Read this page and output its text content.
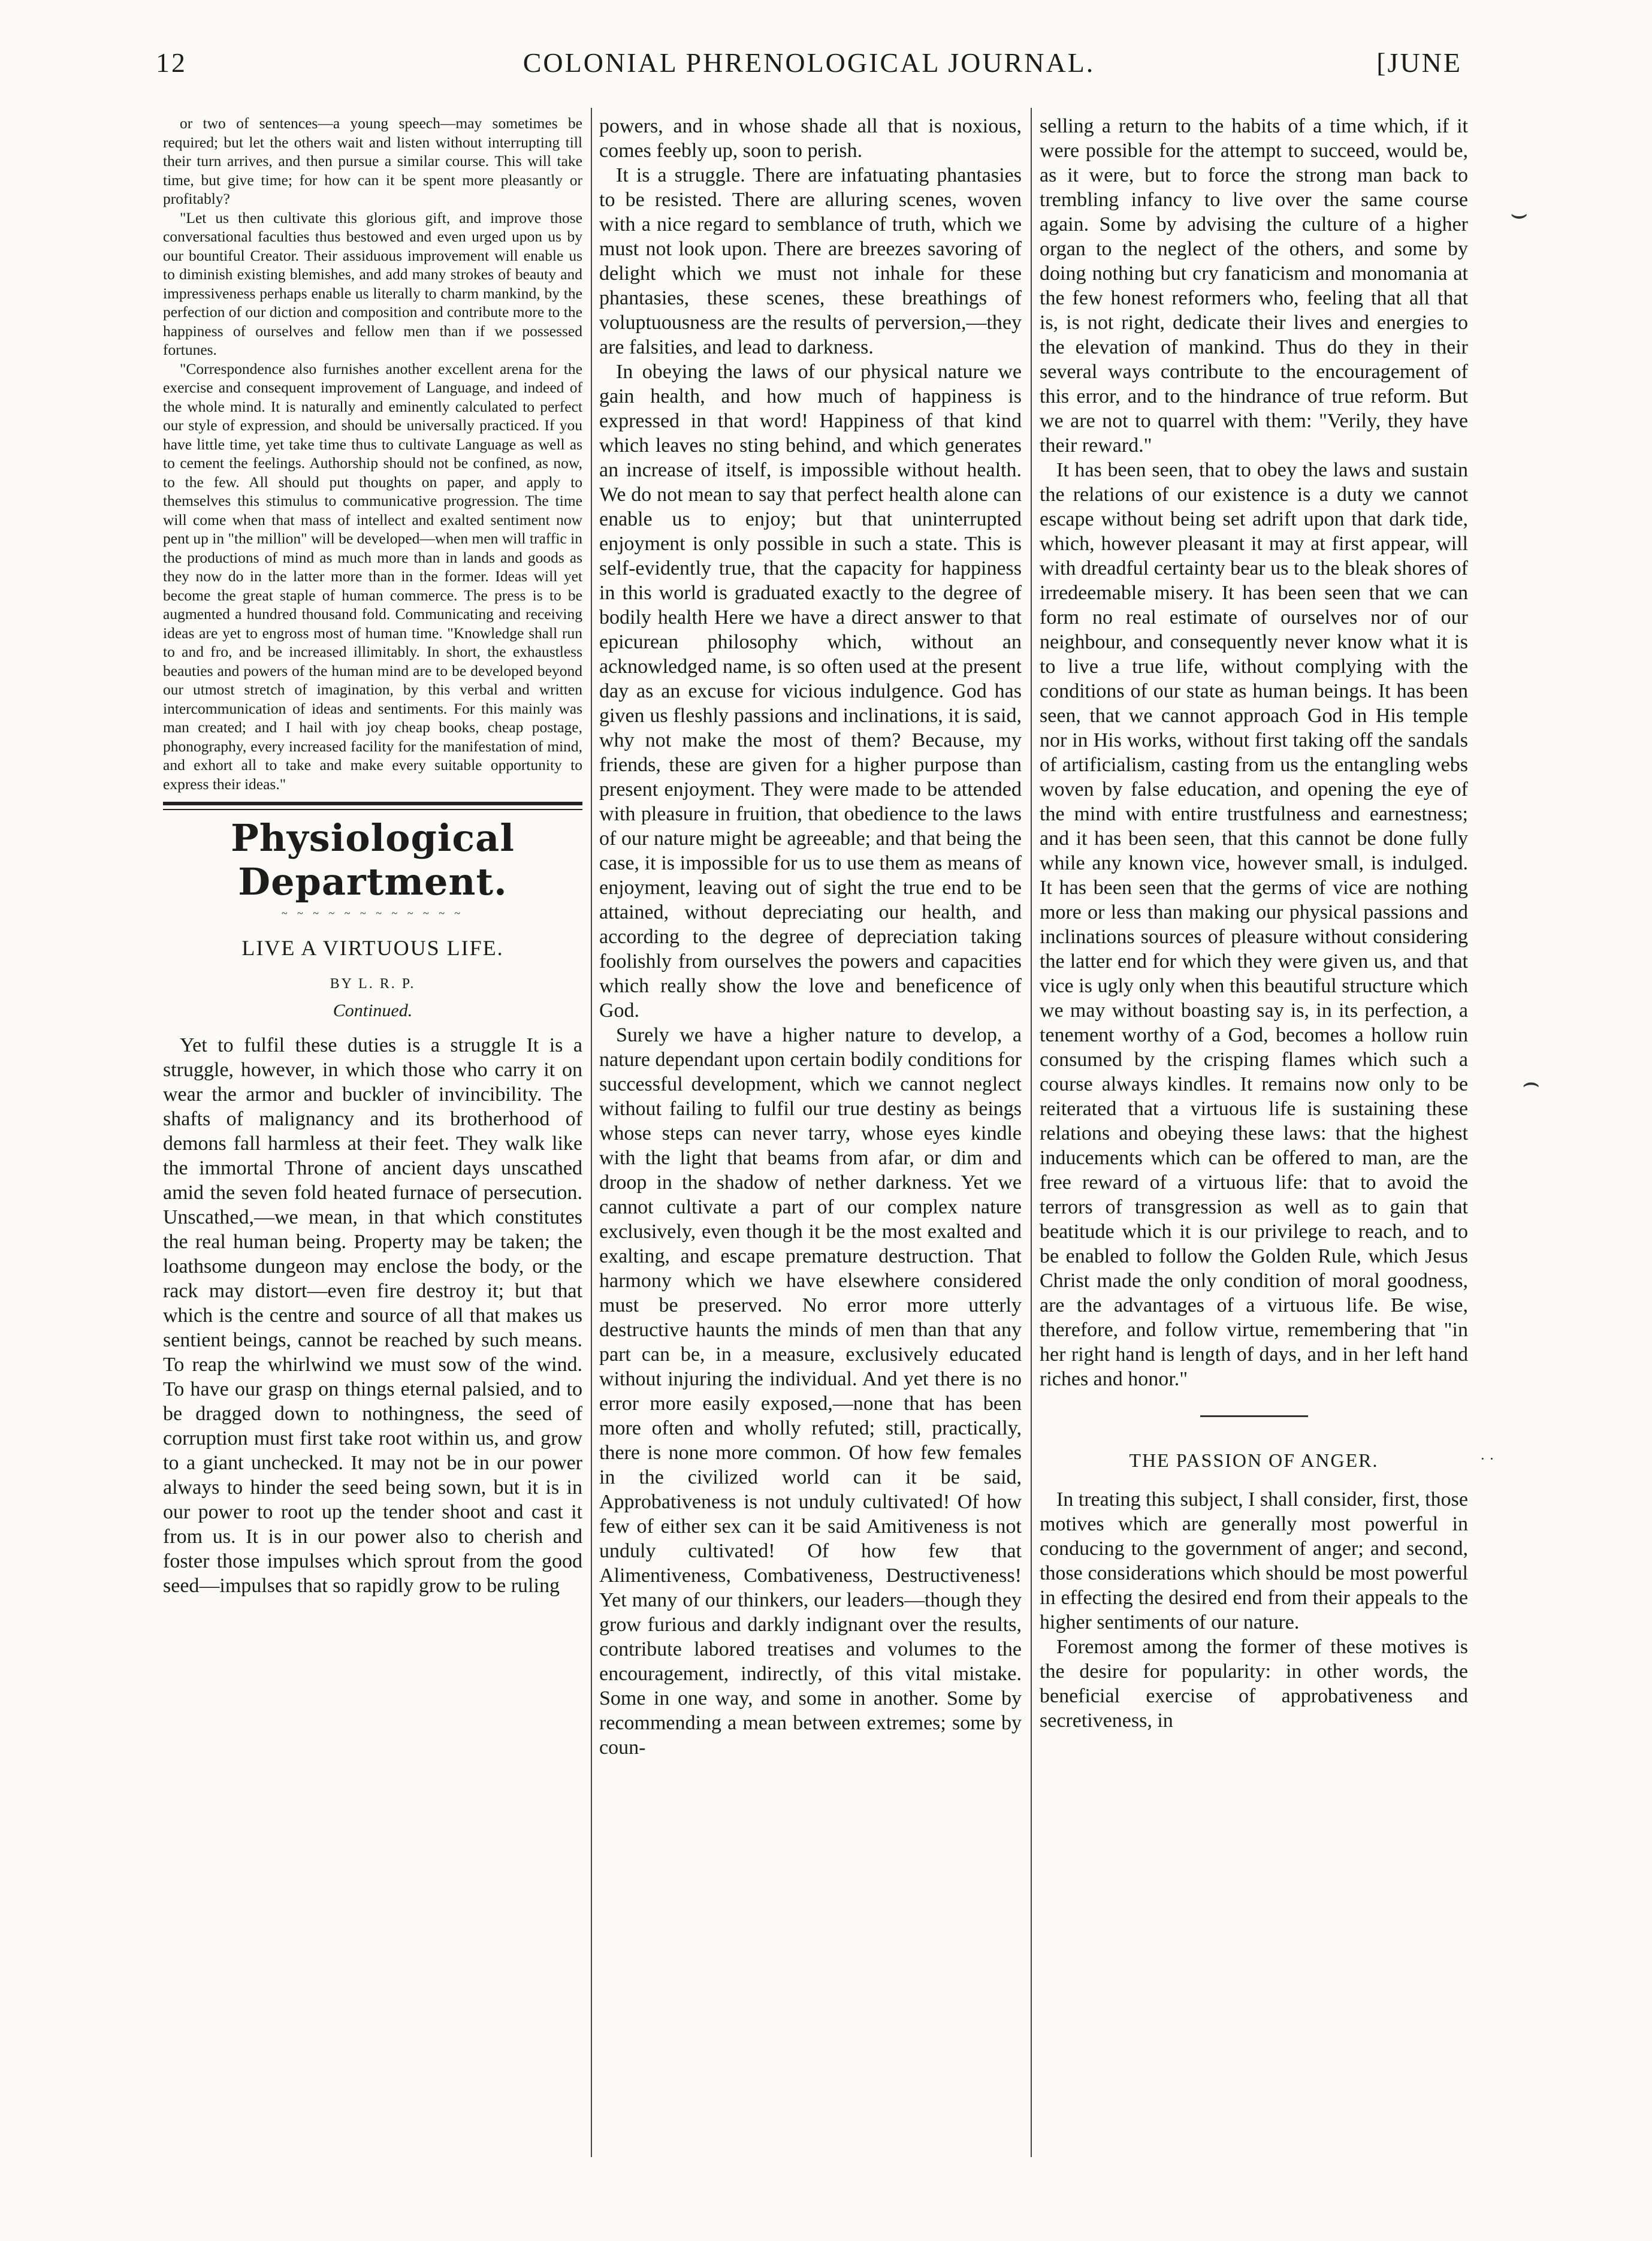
12	COLONIAL PHRENOLOGICAL JOURNAL.	[JUNE

or two of sentences—a young speech—may sometimes be required; but let the others wait and listen without interrupting till their turn arrives, and then pursue a similar course. This will take time, but give time; for how can it be spent more pleasantly or profitably?

"Let us then cultivate this glorious gift, and improve those conversational faculties thus bestowed and even urged upon us by our bountiful Creator. Their assiduous improvement will enable us to diminish existing blemishes, and add many strokes of beauty and impressiveness perhaps enable us literally to charm mankind, by the perfection of our diction and composition and contribute more to the happiness of ourselves and fellow men than if we possessed fortunes.

"Correspondence also furnishes another excellent arena for the exercise and consequent improvement of Language, and indeed of the whole mind. It is naturally and eminently calculated to perfect our style of expression, and should be universally practiced. If you have little time, yet take time thus to cultivate Language as well as to cement the feelings. Authorship should not be confined, as now, to the few. All should put thoughts on paper, and apply to themselves this stimulus to communicative progression. The time will come when that mass of intellect and exalted sentiment now pent up in "the million" will be developed—when men will traffic in the productions of mind as much more than in lands and goods as they now do in the latter more than in the former. Ideas will yet become the great staple of human commerce. The press is to be augmented a hundred thousand fold. Communicating and receiving ideas are yet to engross most of human time. "Knowledge shall run to and fro, and be increased illimitably. In short, the exhaustless beauties and powers of the human mind are to be developed beyond our utmost stretch of imagination, by this verbal and written intercommunication of ideas and sentiments. For this mainly was man created; and I hail with joy cheap books, cheap postage, phonography, every increased facility for the manifestation of mind, and exhort all to take and make every suitable opportunity to express their ideas."

Physiological Department.
~ ~ ~ ~ ~ ~ ~ ~ ~ ~ ~ ~
LIVE A VIRTUOUS LIFE.
BY L. R. P.
Continued.

Yet to fulfil these duties is a struggle It is a struggle, however, in which those who carry it on wear the armor and buckler of invincibility. The shafts of malignancy and its brotherhood of demons fall harmless at their feet. They walk like the immortal Throne of ancient days unscathed amid the seven fold heated furnace of persecution. Unscathed,—we mean, in that which constitutes the real human being. Property may be taken; the loathsome dungeon may enclose the body, or the rack may distort—even fire destroy it; but that which is the centre and source of all that makes us sentient beings, cannot be reached by such means. To reap the whirlwind we must sow of the wind. To have our grasp on things eternal palsied, and to be dragged down to nothingness, the seed of corruption must first take root within us, and grow to a giant unchecked. It may not be in our power always to hinder the seed being sown, but it is in our power to root up the tender shoot and cast it from us. It is in our power also to cherish and foster those impulses which sprout from the good seed—impulses that so rapidly grow to be ruling

powers, and in whose shade all that is noxious, comes feebly up, soon to perish.

It is a struggle. There are infatuating phantasies to be resisted. There are alluring scenes, woven with a nice regard to semblance of truth, which we must not look upon. There are breezes savoring of delight which we must not inhale for these phantasies, these scenes, these breathings of voluptuousness are the results of perversion,—they are falsities, and lead to darkness.

In obeying the laws of our physical nature we gain health, and how much of happiness is expressed in that word! Happiness of that kind which leaves no sting behind, and which generates an increase of itself, is impossible without health. We do not mean to say that perfect health alone can enable us to enjoy; but that uninterrupted enjoyment is only possible in such a state. This is self-evidently true, that the capacity for happiness in this world is graduated exactly to the degree of bodily health Here we have a direct answer to that epicurean philosophy which, without an acknowledged name, is so often used at the present day as an excuse for vicious indulgence. God has given us fleshly passions and inclinations, it is said, why not make the most of them? Because, my friends, these are given for a higher purpose than present enjoyment. They were made to be attended with pleasure in fruition, that obedience to the laws of our nature might be agreeable; and that being the case, it is impossible for us to use them as means of enjoyment, leaving out of sight the true end to be attained, without depreciating our health, and according to the degree of depreciation taking foolishly from ourselves the powers and capacities which really show the love and beneficence of God.

Surely we have a higher nature to develop, a nature dependant upon certain bodily conditions for successful development, which we cannot neglect without failing to fulfil our true destiny as beings whose steps can never tarry, whose eyes kindle with the light that beams from afar, or dim and droop in the shadow of nether darkness. Yet we cannot cultivate a part of our complex nature exclusively, even though it be the most exalted and exalting, and escape premature destruction. That harmony which we have elsewhere considered must be preserved. No error more utterly destructive haunts the minds of men than that any part can be, in a measure, exclusively educated without injuring the individual. And yet there is no error more easily exposed,—none that has been more often and wholly refuted; still, practically, there is none more common. Of how few females in the civilized world can it be said, Approbativeness is not unduly cultivated! Of how few of either sex can it be said Amitiveness is not unduly cultivated! Of how few that Alimentiveness, Combativeness, Destructiveness! Yet many of our thinkers, our leaders—though they grow furious and darkly indignant over the results, contribute labored treatises and volumes to the encouragement, indirectly, of this vital mistake. Some in one way, and some in another. Some by recommending a mean between extremes; some by coun-

selling a return to the habits of a time which, if it were possible for the attempt to succeed, would be, as it were, but to force the strong man back to trembling infancy to live over the same course again. Some by advising the culture of a higher organ to the neglect of the others, and some by doing nothing but cry fanaticism and monomania at the few honest reformers who, feeling that all that is, is not right, dedicate their lives and energies to the elevation of mankind. Thus do they in their several ways contribute to the encouragement of this error, and to the hindrance of true reform. But we are not to quarrel with them: "Verily, they have their reward."

It has been seen, that to obey the laws and sustain the relations of our existence is a duty we cannot escape without being set adrift upon that dark tide, which, however pleasant it may at first appear, will with dreadful certainty bear us to the bleak shores of irredeemable misery. It has been seen that we can form no real estimate of ourselves nor of our neighbour, and consequently never know what it is to live a true life, without complying with the conditions of our state as human beings. It has been seen, that we cannot approach God in His temple nor in His works, without first taking off the sandals of artificialism, casting from us the entangling webs woven by false education, and opening the eye of the mind with entire trustfulness and earnestness; and it has been seen, that this cannot be done fully while any known vice, however small, is indulged. It has been seen that the germs of vice are nothing more or less than making our physical passions and inclinations sources of pleasure without considering the latter end for which they were given us, and that vice is ugly only when this beautiful structure which we may without boasting say is, in its perfection, a tenement worthy of a God, becomes a hollow ruin consumed by the crisping flames which such a course always kindles. It remains now only to be reiterated that a virtuous life is sustaining these relations and obeying these laws: that the highest inducements which can be offered to man, are the free reward of a virtuous life: that to avoid the terrors of transgression as well as to gain that beatitude which it is our privilege to reach, and to be enabled to follow the Golden Rule, which Jesus Christ made the only condition of moral goodness, are the advantages of a virtuous life. Be wise, therefore, and follow virtue, remembering that "in her right hand is length of days, and in her left hand riches and honor."

THE PASSION OF ANGER.

In treating this subject, I shall consider, first, those motives which are generally most powerful in conducing to the government of anger; and second, those considerations which should be most powerful in effecting the desired end from their appeals to the higher sentiments of our nature.

Foremost among the former of these motives is the desire for popularity: in other words, the beneficial exercise of approbativeness and secretiveness, in

⌣
⌢
· ·
